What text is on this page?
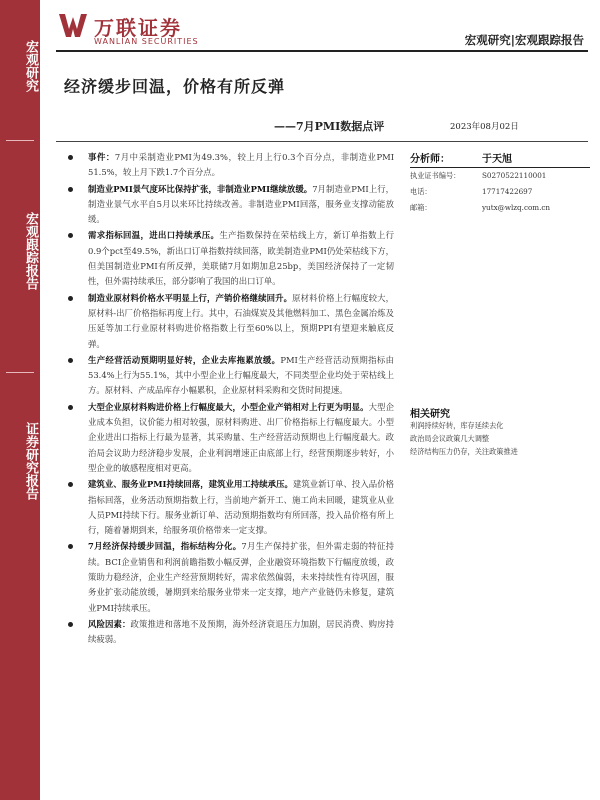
宏观研究
宏观跟踪报告
证券研究报告
万联证券
WANLIAN SECURITIES	宏观研究|宏观跟踪报告
经济缓步回温，价格有所反弹
——7月PMI数据点评	2023年08月02日
事件：7月中采制造业PMI为49.3%，较上月上行0.3个百分点，非制造业PMI 51.5%，较上月下跌1.7个百分点。
制造业PMI景气度环比保持扩张，非制造业PMI继续放缓。7月制造业PMI上行，制造业景气水平自5月以来环比持续改善。非制造业PMI回落，服务业支撑动能放缓。
需求指标回温，进出口持续承压。生产指数保持在荣枯线上方，新订单指数上行0.9个pct至49.5%，新出口订单指数持续回落，欧美制造业PMI仍处荣枯线下方，但美国制造业PMI有所反弹，美联储7月如期加息25bp，美国经济保持了一定韧性，但外需持续承压，部分影响了我国的出口订单。
制造业原材料价格水平明显上行，产销价格继续回升。原材料价格上行幅度较大，原材料-出厂价格指标再度上行。其中，石油煤炭及其他燃料加工、黑色金属冶炼及压延等加工行业原材料购进价格指数上行至60%以上，预期PPI有望迎来触底反弹。
生产经营活动预期明显好转，企业去库拖累放缓。PMI生产经营活动预期指标由53.4%上行为55.1%，其中小型企业上行幅度最大，不同类型企业均处于荣枯线上方。原材料、产成品库存小幅累积，企业原材料采购和交货时间提速。
大型企业原材料购进价格上行幅度最大，小型企业产销相对上行更为明显。大型企业成本负担，议价能力相对较强，原材料购进、出厂价格指标上行幅度最大。小型企业进出口指标上行最为显著，其采购量、生产经营活动预期也上行幅度最大。政治局会议助力经济稳步发展，企业利润增速正由底部上行，经营预期逐步转好，小型企业的敏感程度相对更高。
建筑业、服务业PMI持续回落，建筑业用工持续承压。建筑业新订单、投入品价格指标回落，业务活动预期指数上行，当前地产新开工、施工尚未回暖，建筑业从业人员PMI持续下行。服务业新订单、活动预期指数均有所回落，投入品价格有所上行，随着暑期到来，给服务项价格带来一定支撑。
7月经济保持缓步回温，指标结构分化。7月生产保持扩张，但外需走弱的特征持续。BCI企业销售和利润前瞻指数小幅反弹，企业融资环境指数下行幅度放缓，政策助力稳经济，企业生产经营预期转好，需求依然偏弱，未来持续性有待巩固，服务业扩张动能放缓，暑期到来给服务业带来一定支撑，地产产业链仍未修复，建筑业PMI持续承压。
风险因素：政策推进和落地不及预期，海外经济衰退压力加剧，居民消费、购房持续疲弱。
分析师：	于天旭
执业证书编号：	S0270522110001
电话：	17717422697
邮箱：	yutx@wlzq.com.cn
相关研究
利润持续好转，库存延续去化
政治局会议政策几大调整
经济结构压力仍存，关注政策推进
